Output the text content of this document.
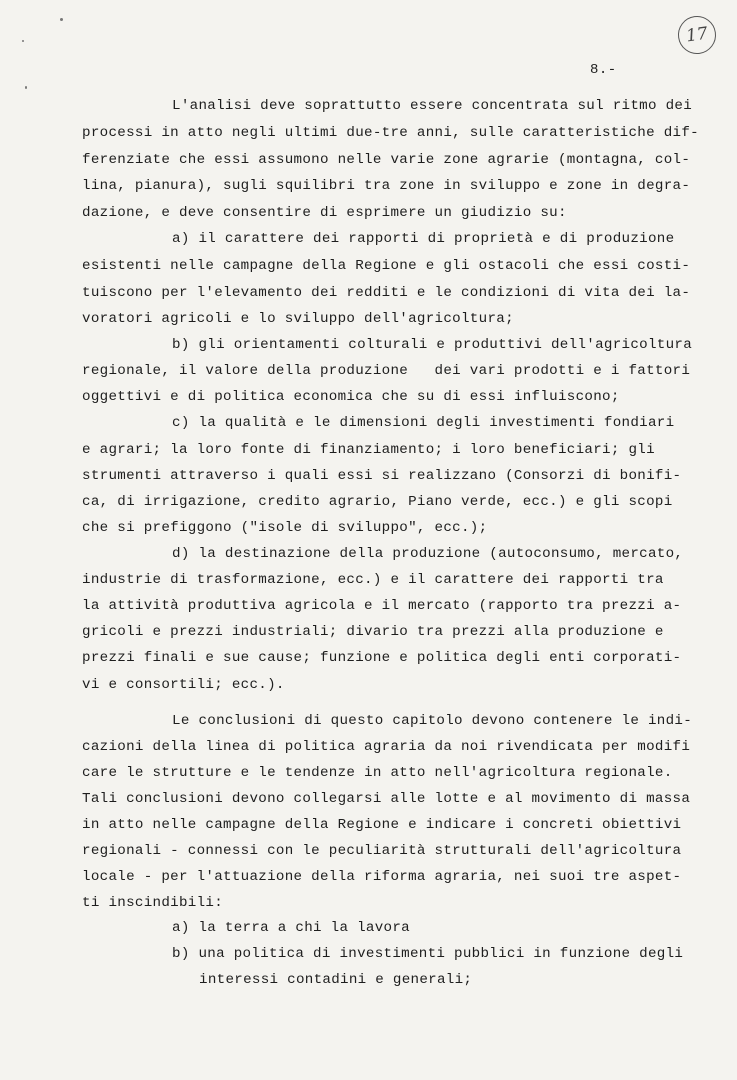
17
8.-
L'analisi deve soprattutto essere concentrata sul ritmo dei
processi in atto negli ultimi due-tre anni, sulle caratteristiche dif-
ferenziate che essi assumono nelle varie zone agrarie (montagna, col-
lina, pianura), sugli squilibri tra zone in sviluppo e zone in degra-
dazione, e deve consentire di esprimere un giudizio su:
a) il carattere dei rapporti di proprietà e di produzione
esistenti nelle campagne della Regione e gli ostacoli che essi costi-
tuiscono per l'elevamento dei redditi e le condizioni di vita dei la-
voratori agricoli e lo sviluppo dell'agricoltura;
b) gli orientamenti colturali e produttivi dell'agricoltura
regionale, il valore della produzione   dei vari prodotti e i fattori
oggettivi e di politica economica che su di essi influiscono;
c) la qualità e le dimensioni degli investimenti fondiari
e agrari; la loro fonte di finanziamento; i loro beneficiari; gli
strumenti attraverso i quali essi si realizzano (Consorzi di bonifi-
ca, di irrigazione, credito agrario, Piano verde, ecc.) e gli scopi
che si prefiggono ("isole di sviluppo", ecc.);
d) la destinazione della produzione (autoconsumo, mercato,
industrie di trasformazione, ecc.) e il carattere dei rapporti tra
la attività produttiva agricola e il mercato (rapporto tra prezzi a-
gricoli e prezzi industriali; divario tra prezzi alla produzione e
prezzi finali e sue cause; funzione e politica degli enti corporati-
vi e consortili; ecc.).
Le conclusioni di questo capitolo devono contenere le indi-
cazioni della linea di politica agraria da noi rivendicata per modifi
care le strutture e le tendenze in atto nell'agricoltura regionale.
Tali conclusioni devono collegarsi alle lotte e al movimento di massa
in atto nelle campagne della Regione e indicare i concreti obiettivi
regionali - connessi con le peculiarità strutturali dell'agricoltura
locale - per l'attuazione della riforma agraria, nei suoi tre aspet-
ti inscindibili:
a) la terra a chi la lavora
b) una politica di investimenti pubblici in funzione degli
interessi contadini e generali;
